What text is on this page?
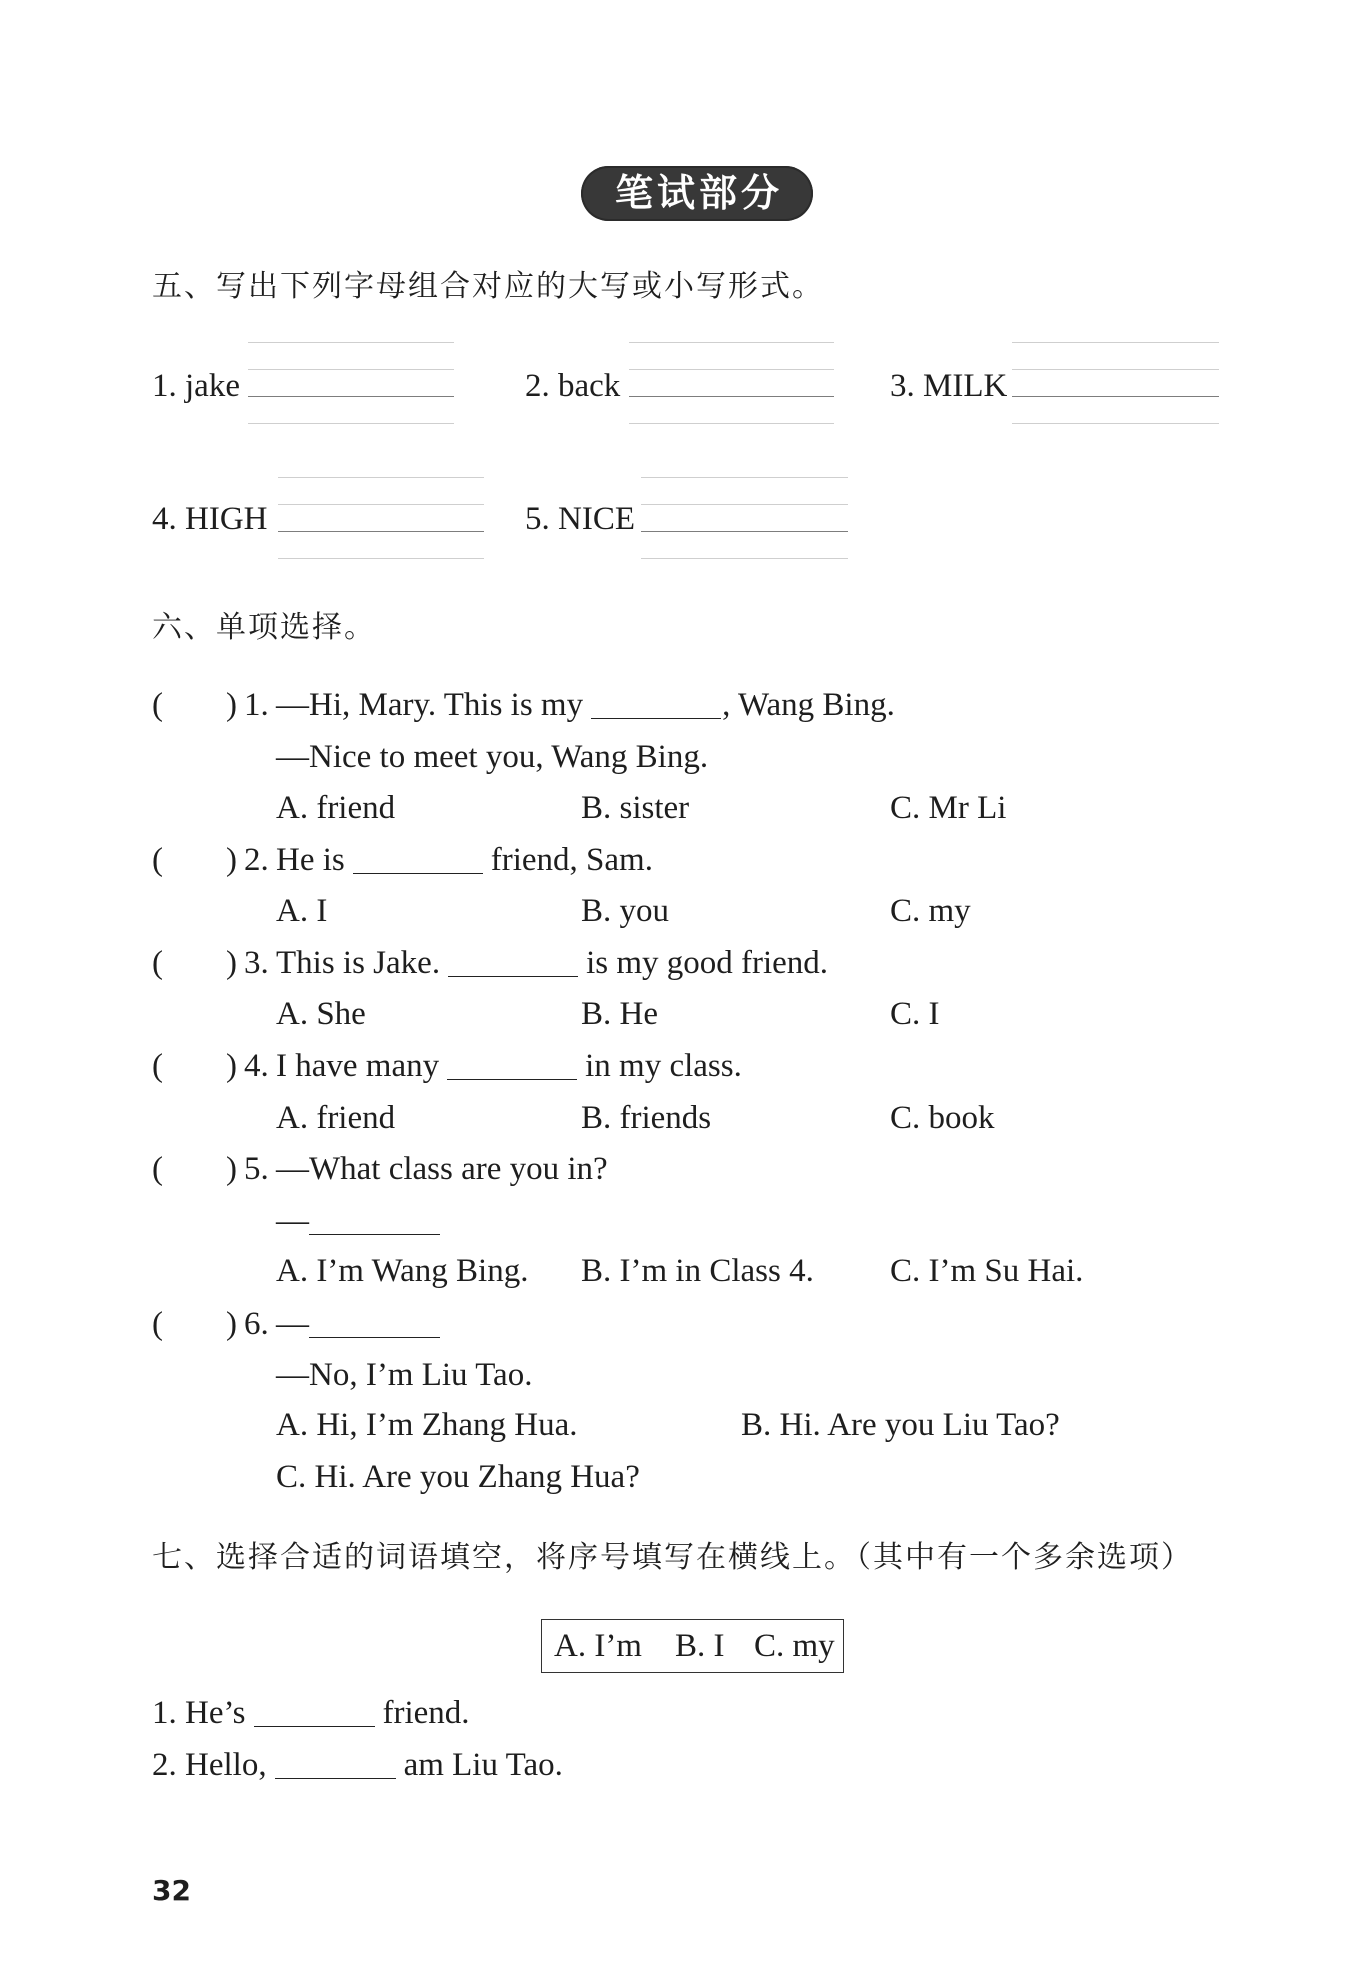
笔试部分
五、写出下列字母组合对应的大写或小写形式。
1. jake	2. back	3. MILK
4. HIGH	5. NICE
六、单项选择。
( ) 1. —Hi, Mary. This is my	, Wang Bing.
—Nice to meet you, Wang Bing.
A. friend	B. sister	C. Mr Li
( ) 2. He is	friend, Sam.
A. I	B. you	C. my
( ) 3. This is Jake.	is my good friend.
A. She	B. He	C. I
( ) 4. I have many	in my class.
A. friend	B. friends	C. book
( ) 5. —What class are you in?
—
A. I’m Wang Bing. B. I’m in Class 4. C. I’m Su Hai.
( ) 6. —
—No, I’m Liu Tao.
A. Hi, I’m Zhang Hua.	B. Hi. Are you Liu Tao?
C. Hi. Are you Zhang Hua?
七、选择合适的词语填空，将序号填写在横线上。（其中有一个多余选项）
A. I’m B. I C. my
1. He’s	friend.
2. Hello,	am Liu Tao.
32
